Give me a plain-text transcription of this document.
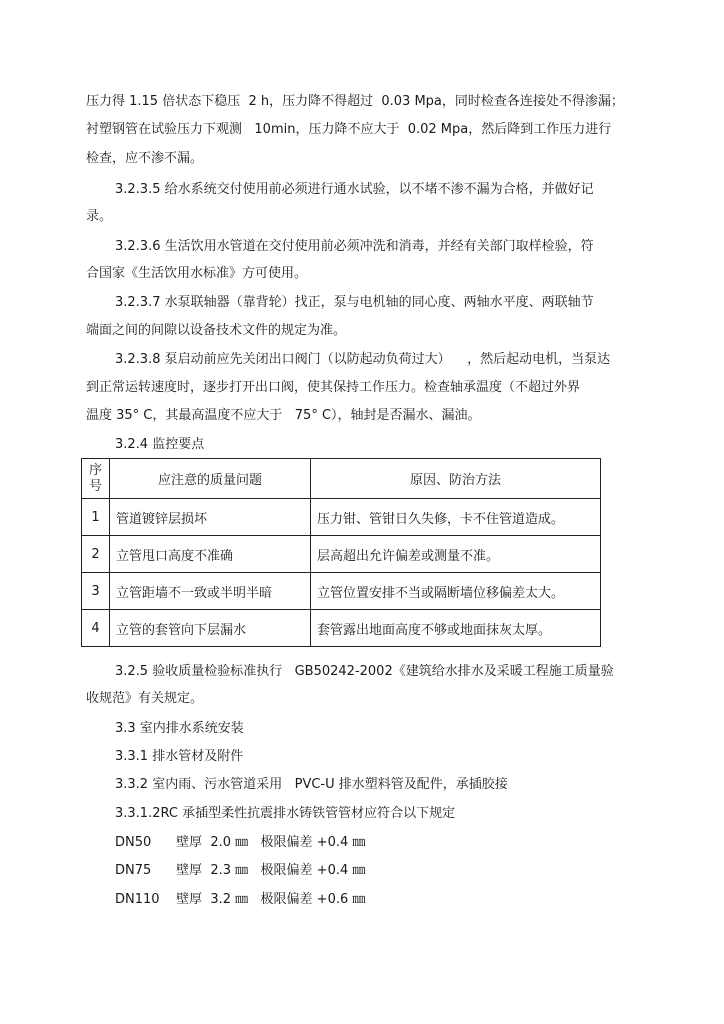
压力得 1.15 倍状态下稳压  2 h，压力降不得超过  0.03 Mpa，同时检查各连接处不得渗漏；
衬塑钢管在试验压力下观测   10min，压力降不应大于  0.02 Mpa，然后降到工作压力进行
检查，应不渗不漏。
3.2.3.5 给水系统交付使用前必须进行通水试验，以不堵不渗不漏为合格，并做好记
录。
3.2.3.6 生活饮用水管道在交付使用前必须冲洗和消毒，并经有关部门取样检验，符
合国家《生活饮用水标准》方可使用。
3.2.3.7 水泵联轴器（靠背轮）找正，泵与电机轴的同心度、两轴水平度、两联轴节
端面之间的间隙以设备技术文件的规定为准。
3.2.3.8 泵启动前应先关闭出口阀门（以防起动负荷过大）    ，然后起动电机，当泵达
到正常运转速度时，逐步打开出口阀，使其保持工作压力。检查轴承温度（不超过外界
温度 35° C，其最高温度不应大于   75° C），轴封是否漏水、漏油。
3.2.4 监控要点
序
号	应注意的质量问题	原因、防治方法
1	管道镀锌层损坏	压力钳、管钳日久失修，卡不住管道造成。
2	立管甩口高度不准确	层高超出允许偏差或测量不准。
3	立管距墙不一致或半明半暗	立管位置安排不当或隔断墙位移偏差太大。
4	立管的套管向下层漏水	套管露出地面高度不够或地面抹灰太厚。
3.2.5 验收质量检验标准执行   GB50242-2002《建筑给水排水及采暖工程施工质量验
收规范》有关规定。
3.3 室内排水系统安装
3.3.1 排水管材及附件
3.3.2 室内雨、污水管道采用   PVC-U 排水塑料管及配件，承插胶接
3.3.1.2RC 承插型柔性抗震排水铸铁管管材应符合以下规定
DN50      壁厚  2.0 ㎜   极限偏差 +0.4 ㎜
DN75      壁厚  2.3 ㎜   极限偏差 +0.4 ㎜
DN110    壁厚  3.2 ㎜   极限偏差 +0.6 ㎜
